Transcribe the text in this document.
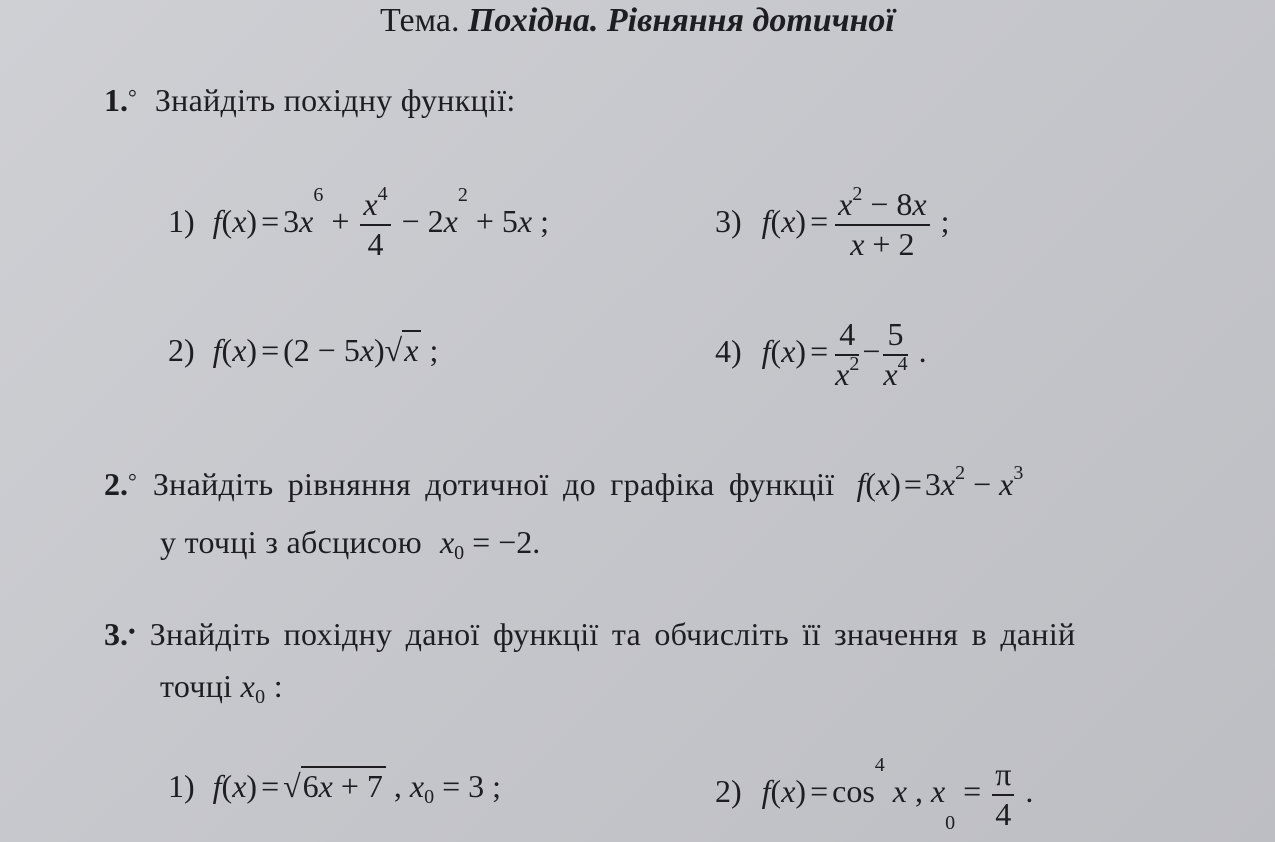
Тема. Похідна. Рівняння дотичної
1.° Знайдіть похідну функції:
1) $f(x) = 3x^6 + \frac{x^4}{4} - 2x^2 + 5x$ ;	3) $f(x) = \frac{x^2 - 8x}{x + 2}$ ;
2) f(x) = (2 − 5x)√x ;	4) $f(x) = \frac{4}{x^2} - \frac{5}{x^4}$ .
2.° Знайдіть рівняння дотичної до графіка функції $f(x)=3x^2 - x^3$
у точці з абсцисою $x_0 = -2$.
3.• Знайдіть похідну даної функції та обчисліть її значення в даній
точці $x_0$ :
1) f(x) = √6x + 7 , $x_0 = 3$ ;	2) $f(x) = \cos^4 x$ , $x_0 = \frac{\pi}{4}$ .
